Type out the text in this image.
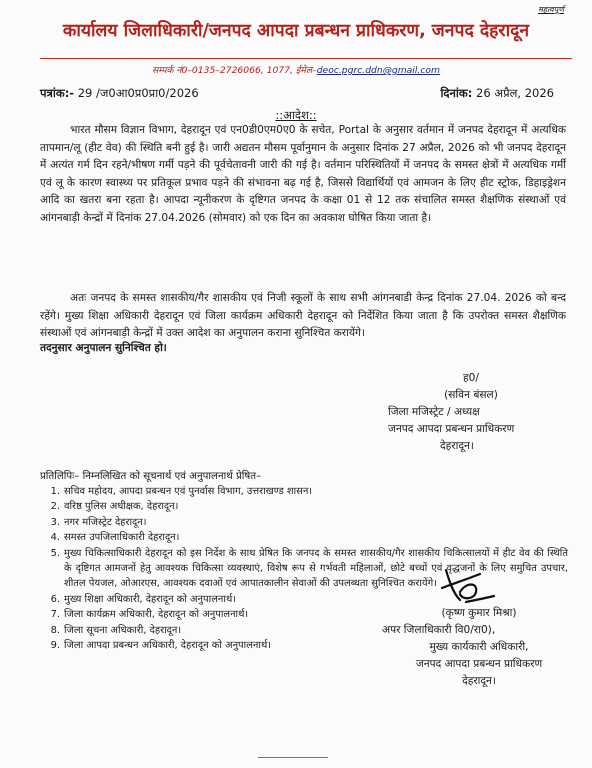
महत्वपूर्ण
कार्यालय जिलाधिकारी/जनपद आपदा प्रबन्धन प्राधिकरण, जनपद देहरादून
सम्पर्क नं0–0135–2726066, 1077, ईमेल–deoc.pgrc.ddn@gmail.com
पत्रांक:- 29 /ज0आ0प्र0प्रा0/2026	दिनांक: 26 अप्रैल, 2026
::आदेश::
भारत मौसम विज्ञान विभाग, देहरादून एवं एन0डी0एम0ए0 के सचेत, Portal के अनुसार वर्तमान में जनपद देहरादून में अत्यधिक तापमान/लू (हीट वेव) की स्थिति बनी हुई है। जारी अद्यतन मौसम पूर्वानुमान के अनुसार दिनांक 27 अप्रैल, 2026 को भी जनपद देहरादून में अत्यंत गर्म दिन रहने/भीषण गर्मी पड़ने की पूर्वचेतावनी जारी की गई है। वर्तमान परिस्थितियों में जनपद के समस्त क्षेत्रों में अत्यधिक गर्मी एवं लू के कारण स्वास्थ्य पर प्रतिकूल प्रभाव पड़ने की संभावना बढ़ गई है, जिससे विद्यार्थियों एवं आमजन के लिए हीट स्ट्रोक, डिहाइड्रेशन आदि का खतरा बना रहता है। आपदा न्यूनीकरण के दृष्टिगत जनपद के कक्षा 01 से 12 तक संचालित समस्त शैक्षणिक संस्थाओं एवं आंगनबाड़ी केन्द्रों में दिनांक 27.04.2026 (सोमवार) को एक दिन का अवकाश घोषित किया जाता है।
अतः जनपद के समस्त शासकीय/गैर शासकीय एवं निजी स्कूलों के साथ सभी आंगनबाडी केन्द्र दिनांक 27.04. 2026 को बन्द रहेंगे। मुख्य शिक्षा अधिकारी देहरादून एवं जिला कार्यक्रम अधिकारी देहरादून को निर्देशित किया जाता है कि उपरोक्त समस्त शैक्षणिक संस्थाओं एवं आंगनबाड़ी केन्द्रों में उक्त आदेश का अनुपालन कराना सुनिश्चित करायेंगे।
तदनुसार अनुपालन सुनिश्चित हो।
ह0/
(सविन बंसल)
जिला मजिस्ट्रेट / अध्यक्ष
जनपद आपदा प्रबन्धन प्राधिकरण
देहरादून।
प्रतिलिपिः– निम्नलिखित को सूचनार्थ एवं अनुपालनार्थ प्रेषित–
1. सचिव महोदय, आपदा प्रबन्धन एवं पुनर्वास विभाग, उत्तराखण्ड शासन।
2. वरिष्ठ पुलिस अधीक्षक, देहरादून।
3. नगर मजिस्ट्रेट देहरादून।
4. समस्त उपजिलाधिकारी देहरादून।
5. मुख्य चिकित्साधिकारी देहरादून को इस निर्देश के साथ प्रेषित कि जनपद के समस्त शासकीय/गैर शासकीय चिकित्सालयों में हीट वेव की स्थिति के दृष्टिगत आमजनों हेतु आवश्यक चिकित्सा व्यवस्थाएं, विशेष रूप से गर्भवती महिलाओं, छोटे बच्चों एवं वृद्धजनों के लिए समुचित उपचार, शीतल पेयजल, ओआरएस, आवश्यक दवाओं एवं आपातकालीन सेवाओं की उपलब्धता सुनिश्चित करायेंगे।
6. मुख्य शिक्षा अधिकारी, देहरादून को अनुपालनार्थ।
7. जिला कार्यक्रम अधिकारी, देहरादून को अनुपालनार्थ।
8. जिला सूचना अधिकारी, देहरादून।
9. जिला आपदा प्रबन्धन अधिकारी, देहरादून को अनुपालनार्थ।
(कृष्ण कुमार मिश्रा)
अपर जिलाधिकारी वि0/रा0),
मुख्य कार्यकारी अधिकारी,
जनपद आपदा प्रबन्धन प्राधिकरण
देहरादून।
